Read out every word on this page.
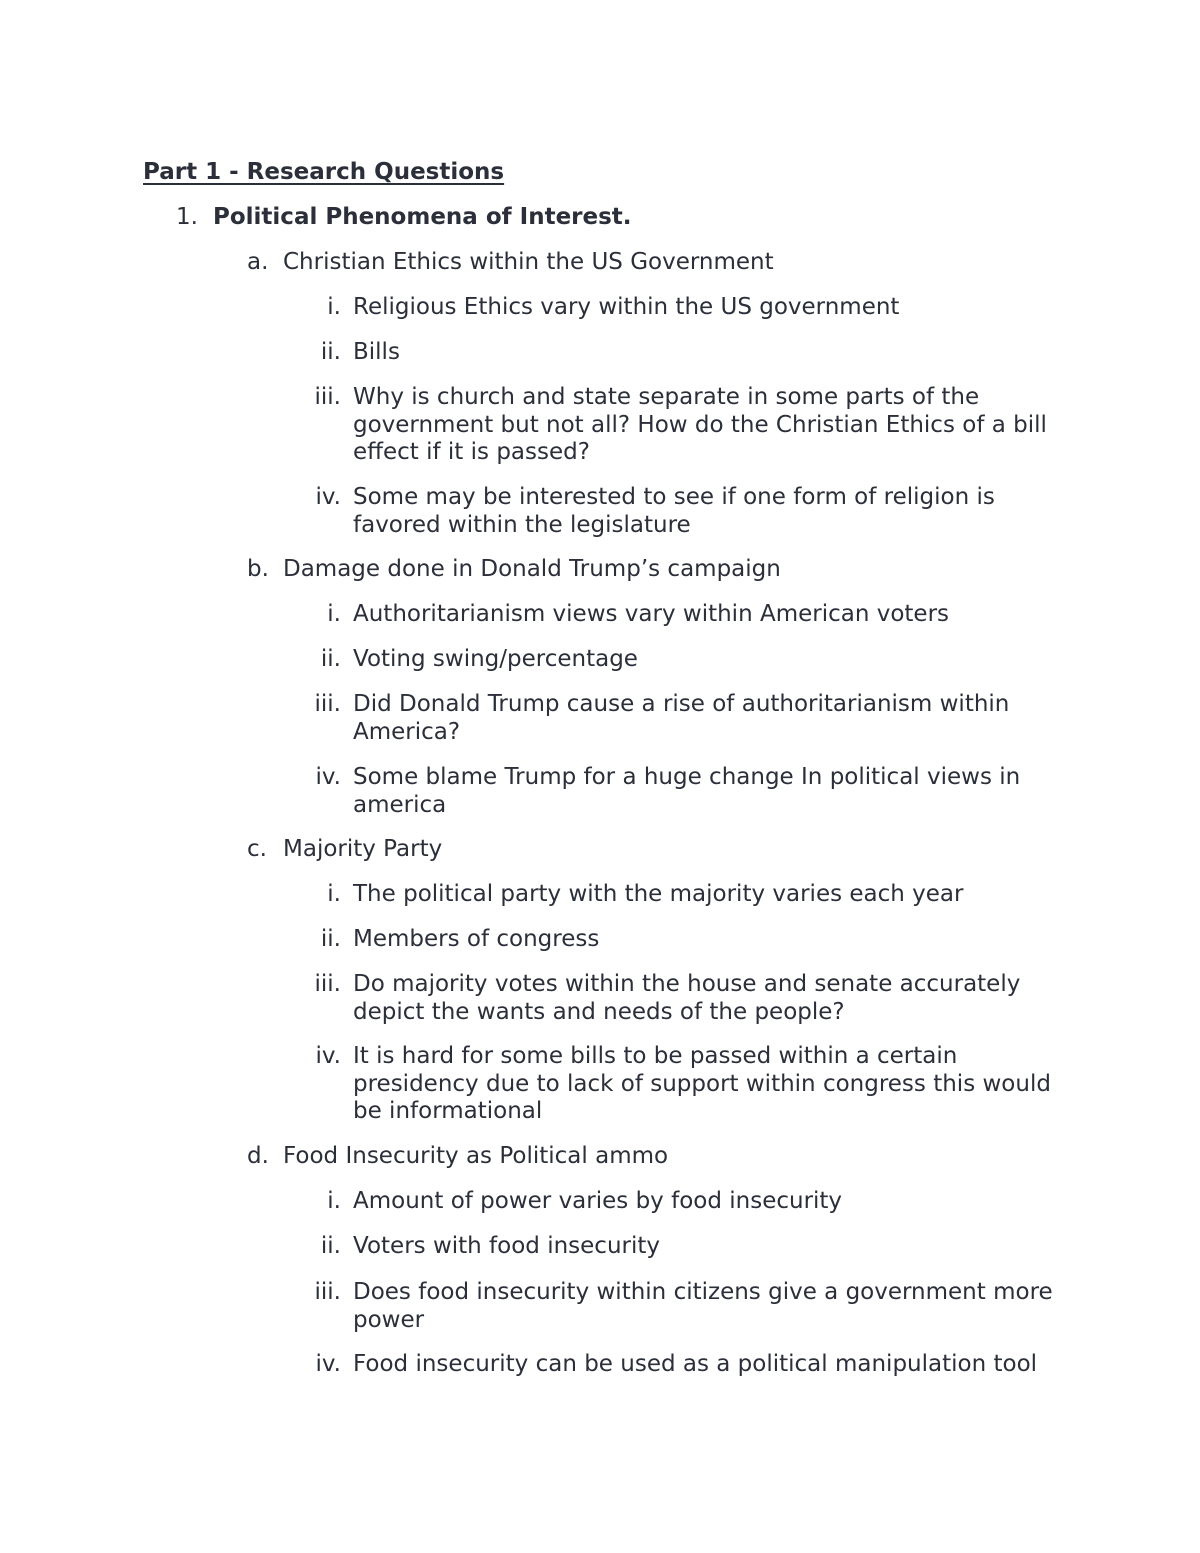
Part 1 - Research Questions
1. Political Phenomena of Interest.
a. Christian Ethics within the US Government
i. Religious Ethics vary within the US government
ii. Bills
iii. Why is church and state separate in some parts of the government but not all? How do the Christian Ethics of a bill effect if it is passed?
iv. Some may be interested to see if one form of religion is favored within the legislature
b. Damage done in Donald Trump’s campaign
i. Authoritarianism views vary within American voters
ii. Voting swing/percentage
iii. Did Donald Trump cause a rise of authoritarianism within America?
iv. Some blame Trump for a huge change In political views in america
c. Majority Party
i. The political party with the majority varies each year
ii. Members of congress
iii. Do majority votes within the house and senate accurately depict the wants and needs of the people?
iv. It is hard for some bills to be passed within a certain presidency due to lack of support within congress this would be informational
d. Food Insecurity as Political ammo
i. Amount of power varies by food insecurity
ii. Voters with food insecurity
iii. Does food insecurity within citizens give a government more power
iv. Food insecurity can be used as a political manipulation tool
